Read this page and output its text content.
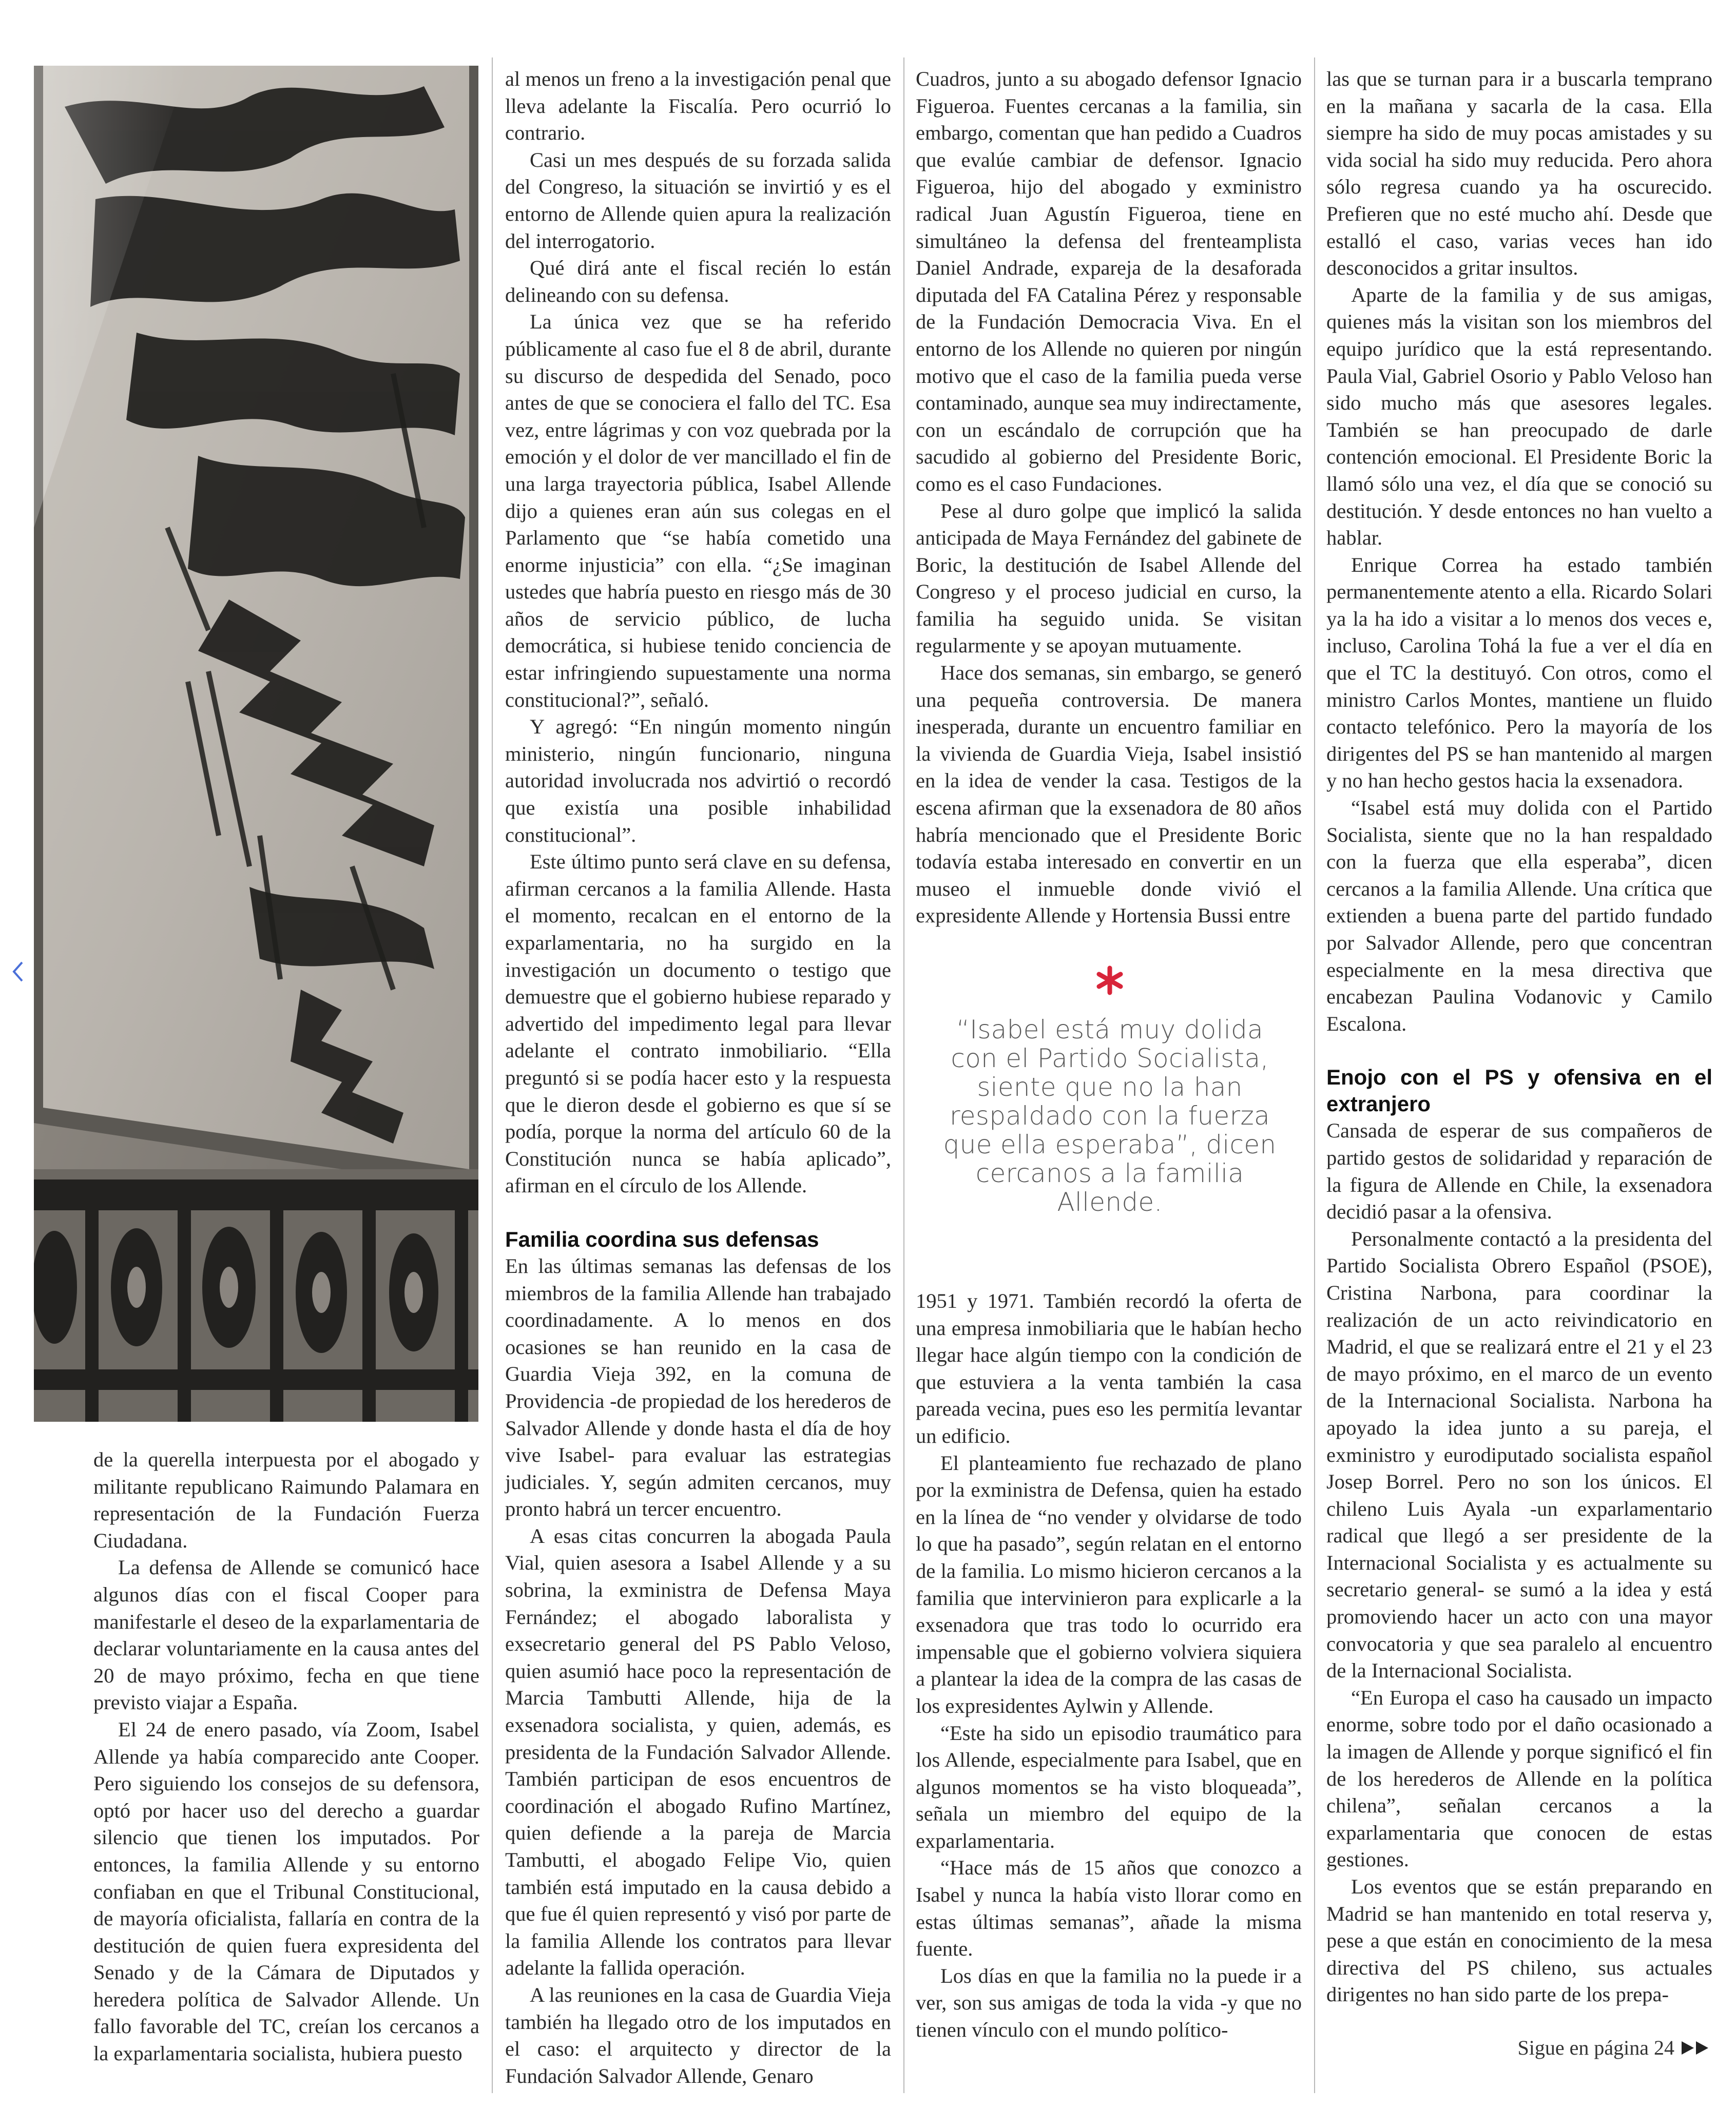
de la querella interpuesta por el abogado y militante republicano Raimundo Palamara en representación de la Fundación Fuerza Ciudadana.

La defensa de Allende se comunicó hace algunos días con el fiscal Cooper para manifestarle el deseo de la exparlamentaria de declarar voluntariamente en la causa antes del 20 de mayo próximo, fecha en que tiene previsto viajar a España.

El 24 de enero pasado, vía Zoom, Isabel Allende ya había comparecido ante Cooper. Pero siguiendo los consejos de su defensora, optó por hacer uso del derecho a guardar silencio que tienen los imputados. Por entonces, la familia Allende y su entorno confiaban en que el Tribunal Constitucional, de mayoría oficialista, fallaría en contra de la destitución de quien fuera expresidenta del Senado y de la Cámara de Diputados y heredera política de Salvador Allende. Un fallo favorable del TC, creían los cercanos a la exparlamentaria socialista, hubiera puesto

al menos un freno a la investigación penal que lleva adelante la Fiscalía. Pero ocurrió lo contrario.

Casi un mes después de su forzada salida del Congreso, la situación se invirtió y es el entorno de Allende quien apura la realización del interrogatorio.

Qué dirá ante el fiscal recién lo están delineando con su defensa.

La única vez que se ha referido públicamente al caso fue el 8 de abril, durante su discurso de despedida del Senado, poco antes de que se conociera el fallo del TC. Esa vez, entre lágrimas y con voz quebrada por la emoción y el dolor de ver mancillado el fin de una larga trayectoria pública, Isabel Allende dijo a quienes eran aún sus colegas en el Parlamento que “se había cometido una enorme injusticia” con ella. “¿Se imaginan ustedes que habría puesto en riesgo más de 30 años de servicio público, de lucha democrática, si hubiese tenido conciencia de estar infringiendo supuestamente una norma constitucional?”, señaló.

Y agregó: “En ningún momento ningún ministerio, ningún funcionario, ninguna autoridad involucrada nos advirtió o recordó que existía una posible inhabilidad constitucional”.

Este último punto será clave en su defensa, afirman cercanos a la familia Allende. Hasta el momento, recalcan en el entorno de la exparlamentaria, no ha surgido en la investigación un documento o testigo que demuestre que el gobierno hubiese reparado y advertido del impedimento legal para llevar adelante el contrato inmobiliario. “Ella preguntó si se podía hacer esto y la respuesta que le dieron desde el gobierno es que sí se podía, porque la norma del artículo 60 de la Constitución nunca se había aplicado”, afirman en el círculo de los Allende.

Familia coordina sus defensas

En las últimas semanas las defensas de los miembros de la familia Allende han trabajado coordinadamente. A lo menos en dos ocasiones se han reunido en la casa de Guardia Vieja 392, en la comuna de Providencia -de propiedad de los herederos de Salvador Allende y donde hasta el día de hoy vive Isabel- para evaluar las estrategias judiciales. Y, según admiten cercanos, muy pronto habrá un tercer encuentro.

A esas citas concurren la abogada Paula Vial, quien asesora a Isabel Allende y a su sobrina, la exministra de Defensa Maya Fernández; el abogado laboralista y exsecretario general del PS Pablo Veloso, quien asumió hace poco la representación de Marcia Tambutti Allende, hija de la exsenadora socialista, y quien, además, es presidenta de la Fundación Salvador Allende. También participan de esos encuentros de coordinación el abogado Rufino Martínez, quien defiende a la pareja de Marcia Tambutti, el abogado Felipe Vio, quien también está imputado en la causa debido a que fue él quien representó y visó por parte de la familia Allende los contratos para llevar adelante la fallida operación.

A las reuniones en la casa de Guardia Vieja también ha llegado otro de los imputados en el caso: el arquitecto y director de la Fundación Salvador Allende, Genaro

Cuadros, junto a su abogado defensor Ignacio Figueroa. Fuentes cercanas a la familia, sin embargo, comentan que han pedido a Cuadros que evalúe cambiar de defensor. Ignacio Figueroa, hijo del abogado y exministro radical Juan Agustín Figueroa, tiene en simultáneo la defensa del frenteamplista Daniel Andrade, expareja de la desaforada diputada del FA Catalina Pérez y responsable de la Fundación Democracia Viva. En el entorno de los Allende no quieren por ningún motivo que el caso de la familia pueda verse contaminado, aunque sea muy indirectamente, con un escándalo de corrupción que ha sacudido al gobierno del Presidente Boric, como es el caso Fundaciones.

Pese al duro golpe que implicó la salida anticipada de Maya Fernández del gabinete de Boric, la destitución de Isabel Allende del Congreso y el proceso judicial en curso, la familia ha seguido unida. Se visitan regularmente y se apoyan mutuamente.

Hace dos semanas, sin embargo, se generó una pequeña controversia. De manera inesperada, durante un encuentro familiar en la vivienda de Guardia Vieja, Isabel insistió en la idea de vender la casa. Testigos de la escena afirman que la exsenadora de 80 años habría mencionado que el Presidente Boric todavía estaba interesado en convertir en un museo el inmueble donde vivió el expresidente Allende y Hortensia Bussi entre

“Isabel está muy dolida con el Partido Socialista, siente que no la han respaldado con la fuerza que ella esperaba”, dicen cercanos a la familia Allende.

1951 y 1971. También recordó la oferta de una empresa inmobiliaria que le habían hecho llegar hace algún tiempo con la condición de que estuviera a la venta también la casa pareada vecina, pues eso les permitía levantar un edificio.

El planteamiento fue rechazado de plano por la exministra de Defensa, quien ha estado en la línea de “no vender y olvidarse de todo lo que ha pasado”, según relatan en el entorno de la familia. Lo mismo hicieron cercanos a la familia que intervinieron para explicarle a la exsenadora que tras todo lo ocurrido era impensable que el gobierno volviera siquiera a plantear la idea de la compra de las casas de los expresidentes Aylwin y Allende.

“Este ha sido un episodio traumático para los Allende, especialmente para Isabel, que en algunos momentos se ha visto bloqueada”, señala un miembro del equipo de la exparlamentaria.

“Hace más de 15 años que conozco a Isabel y nunca la había visto llorar como en estas últimas semanas”, añade la misma fuente.

Los días en que la familia no la puede ir a ver, son sus amigas de toda la vida -y que no tienen vínculo con el mundo político-

las que se turnan para ir a buscarla temprano en la mañana y sacarla de la casa. Ella siempre ha sido de muy pocas amistades y su vida social ha sido muy reducida. Pero ahora sólo regresa cuando ya ha oscurecido. Prefieren que no esté mucho ahí. Desde que estalló el caso, varias veces han ido desconocidos a gritar insultos.

Aparte de la familia y de sus amigas, quienes más la visitan son los miembros del equipo jurídico que la está representando. Paula Vial, Gabriel Osorio y Pablo Veloso han sido mucho más que asesores legales. También se han preocupado de darle contención emocional. El Presidente Boric la llamó sólo una vez, el día que se conoció su destitución. Y desde entonces no han vuelto a hablar.

Enrique Correa ha estado también permanentemente atento a ella. Ricardo Solari ya la ha ido a visitar a lo menos dos veces e, incluso, Carolina Tohá la fue a ver el día en que el TC la destituyó. Con otros, como el ministro Carlos Montes, mantiene un fluido contacto telefónico. Pero la mayoría de los dirigentes del PS se han mantenido al margen y no han hecho gestos hacia la exsenadora.

“Isabel está muy dolida con el Partido Socialista, siente que no la han respaldado con la fuerza que ella esperaba”, dicen cercanos a la familia Allende. Una crítica que extienden a buena parte del partido fundado por Salvador Allende, pero que concentran especialmente en la mesa directiva que encabezan Paulina Vodanovic y Camilo Escalona.

Enojo con el PS y ofensiva en el extranjero

Cansada de esperar de sus compañeros de partido gestos de solidaridad y reparación de la figura de Allende en Chile, la exsenadora decidió pasar a la ofensiva.

Personalmente contactó a la presidenta del Partido Socialista Obrero Español (PSOE), Cristina Narbona, para coordinar la realización de un acto reivindicatorio en Madrid, el que se realizará entre el 21 y el 23 de mayo próximo, en el marco de un evento de la Internacional Socialista. Narbona ha apoyado la idea junto a su pareja, el exministro y eurodiputado socialista español Josep Borrel. Pero no son los únicos. El chileno Luis Ayala -un exparlamentario radical que llegó a ser presidente de la Internacional Socialista y es actualmente su secretario general- se sumó a la idea y está promoviendo hacer un acto con una mayor convocatoria y que sea paralelo al encuentro de la Internacional Socialista.

“En Europa el caso ha causado un impacto enorme, sobre todo por el daño ocasionado a la imagen de Allende y porque significó el fin de los herederos de Allende en la política chilena”, señalan cercanos a la exparlamentaria que conocen de estas gestiones.

Los eventos que se están preparando en Madrid se han mantenido en total reserva y, pese a que están en conocimiento de la mesa directiva del PS chileno, sus actuales dirigentes no han sido parte de los prepa-

Sigue en página 24
